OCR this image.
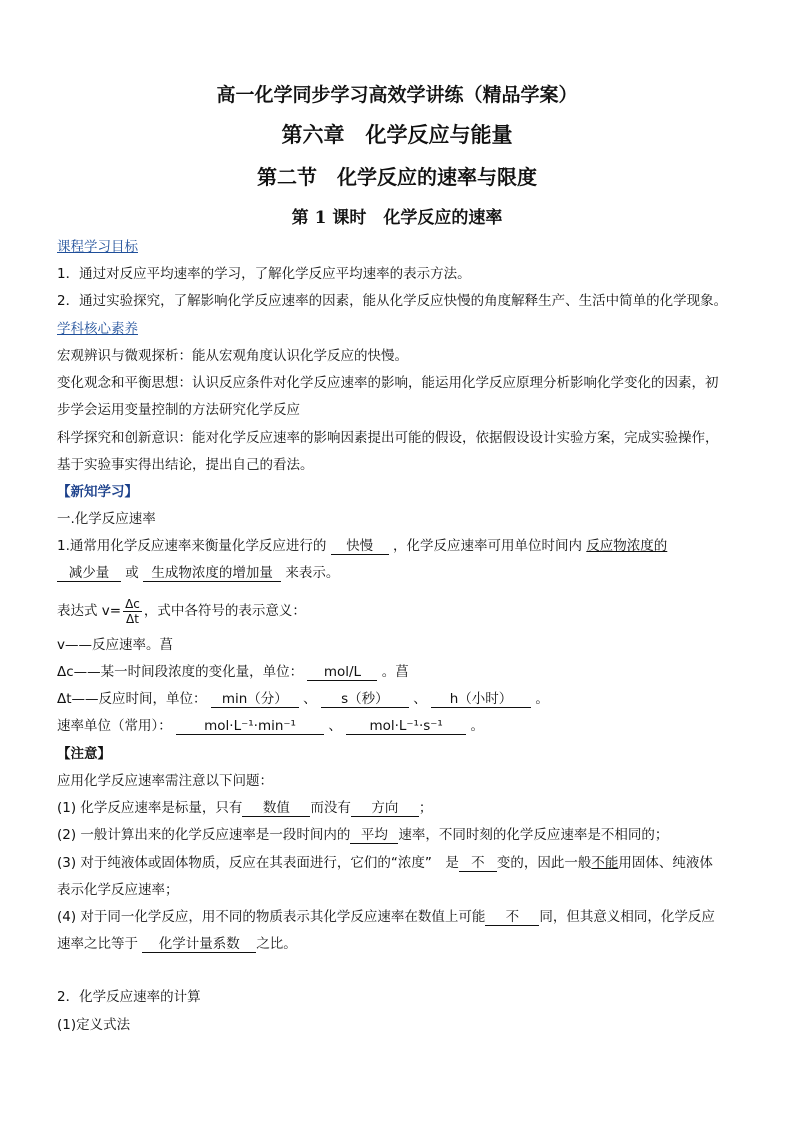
高一化学同步学习高效学讲练（精品学案）
第六章　化学反应与能量
第二节　化学反应的速率与限度
第 1 课时　化学反应的速率
课程学习目标
1．通过对反应平均速率的学习，了解化学反应平均速率的表示方法。
2．通过实验探究，了解影响化学反应速率的因素，能从化学反应快慢的角度解释生产、生活中简单的化学现象。
学科核心素养
宏观辨识与微观探析：能从宏观角度认识化学反应的快慢。
变化观念和平衡思想：认识反应条件对化学反应速率的影响，能运用化学反应原理分析影响化学变化的因素，初
步学会运用变量控制的方法研究化学反应
科学探究和创新意识：能对化学反应速率的影响因素提出可能的假设，依据假设设计实验方案，完成实验操作，
基于实验事实得出结论，提出自己的看法。
【新知学习】
一.化学反应速率
1.通常用化学反应速率来衡量化学反应进行的 快慢 ，化学反应速率可用单位时间内 反应物浓度的
减少量 或 生成物浓度的增加量 来表示。
表达式 $v= \frac{\Delta c}{\Delta t}$ ，式中各符号的表示意义：
v——反应速率。菖
Δc——某一时间段浓度的变化量，单位： mol/L 。菖
Δt——反应时间，单位： min（分） 、 s（秒） 、 h（小时） 。
速率单位（常用）： mol·L⁻¹·min⁻¹ 、 mol·L⁻¹·s⁻¹ 。
【注意】
应用化学反应速率需注意以下问题：
(1) 化学反应速率是标量，只有 数值 而没有 方向 ；
(2) 一般计算出来的化学反应速率是一段时间内的 平均 速率，不同时刻的化学反应速率是不相同的；
(3) 对于纯液体或固体物质，反应在其表面进行，它们的“浓度”　是 不 变的，因此一般不能用固体、纯液体
表示化学反应速率；
(4) 对于同一化学反应，用不同的物质表示其化学反应速率在数值上可能 不 同，但其意义相同，化学反应
速率之比等于 化学计量系数 之比。
2．化学反应速率的计算
(1)定义式法
